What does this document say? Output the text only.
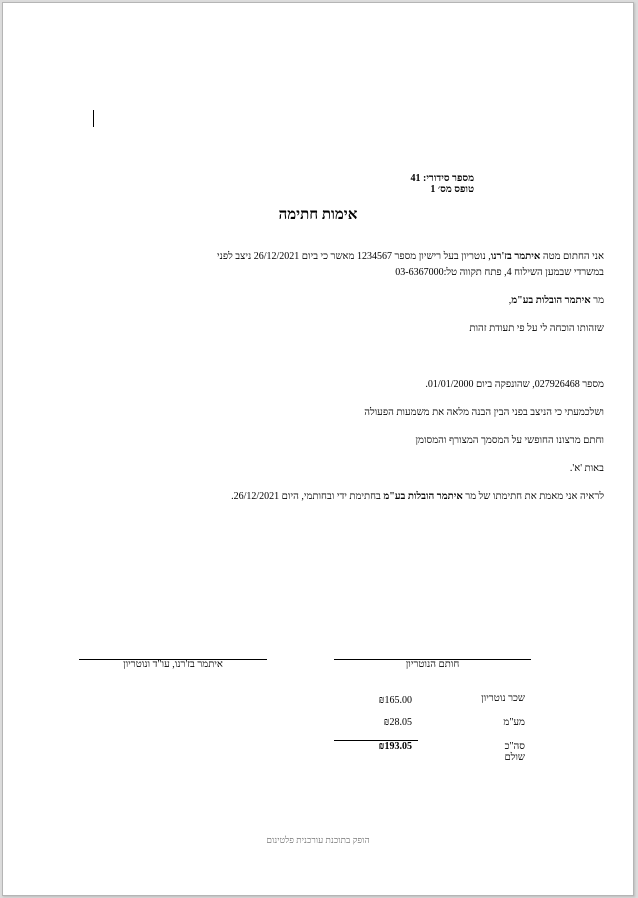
מספר סידורי: 41
טופס מס׳ 1
אימות חתימה
אני החתום מטה איתמר בז'רנו, נוטריון בעל רישיון מספר 1234567 מאשר כי ביום 26/12/2021 ניצב לפני
במשרדי שבמען השילוח 4, פתח תקווה טל:03-6367000
מר איתמר הובלות בע"מ,
שזהותו הוכחה לי על פי תעודת זהות
מספר 027926468, שהונפקה ביום 01/01/2000.
ושלכמעתי כי הניצב בפני הבין הבנה מלאה את משמעות הפעולה
וחתם מרצונו החופשי על המסמך המצורף והמסומן
באות 'א'.
לראיה אני מאמת את חתימתו של מר איתמר הובלות בע"מ בחתימת ידי ובחותמי, היום 26/12/2021.
איתמר בז'רנו, עו"ד ונוטריון	חותם הנוטריון
שכר נוטריון
₪165.00
מע"מ
₪28.05
סה"כ שולם
₪193.05
הופק בתוכנת עורכנית פלטינום
